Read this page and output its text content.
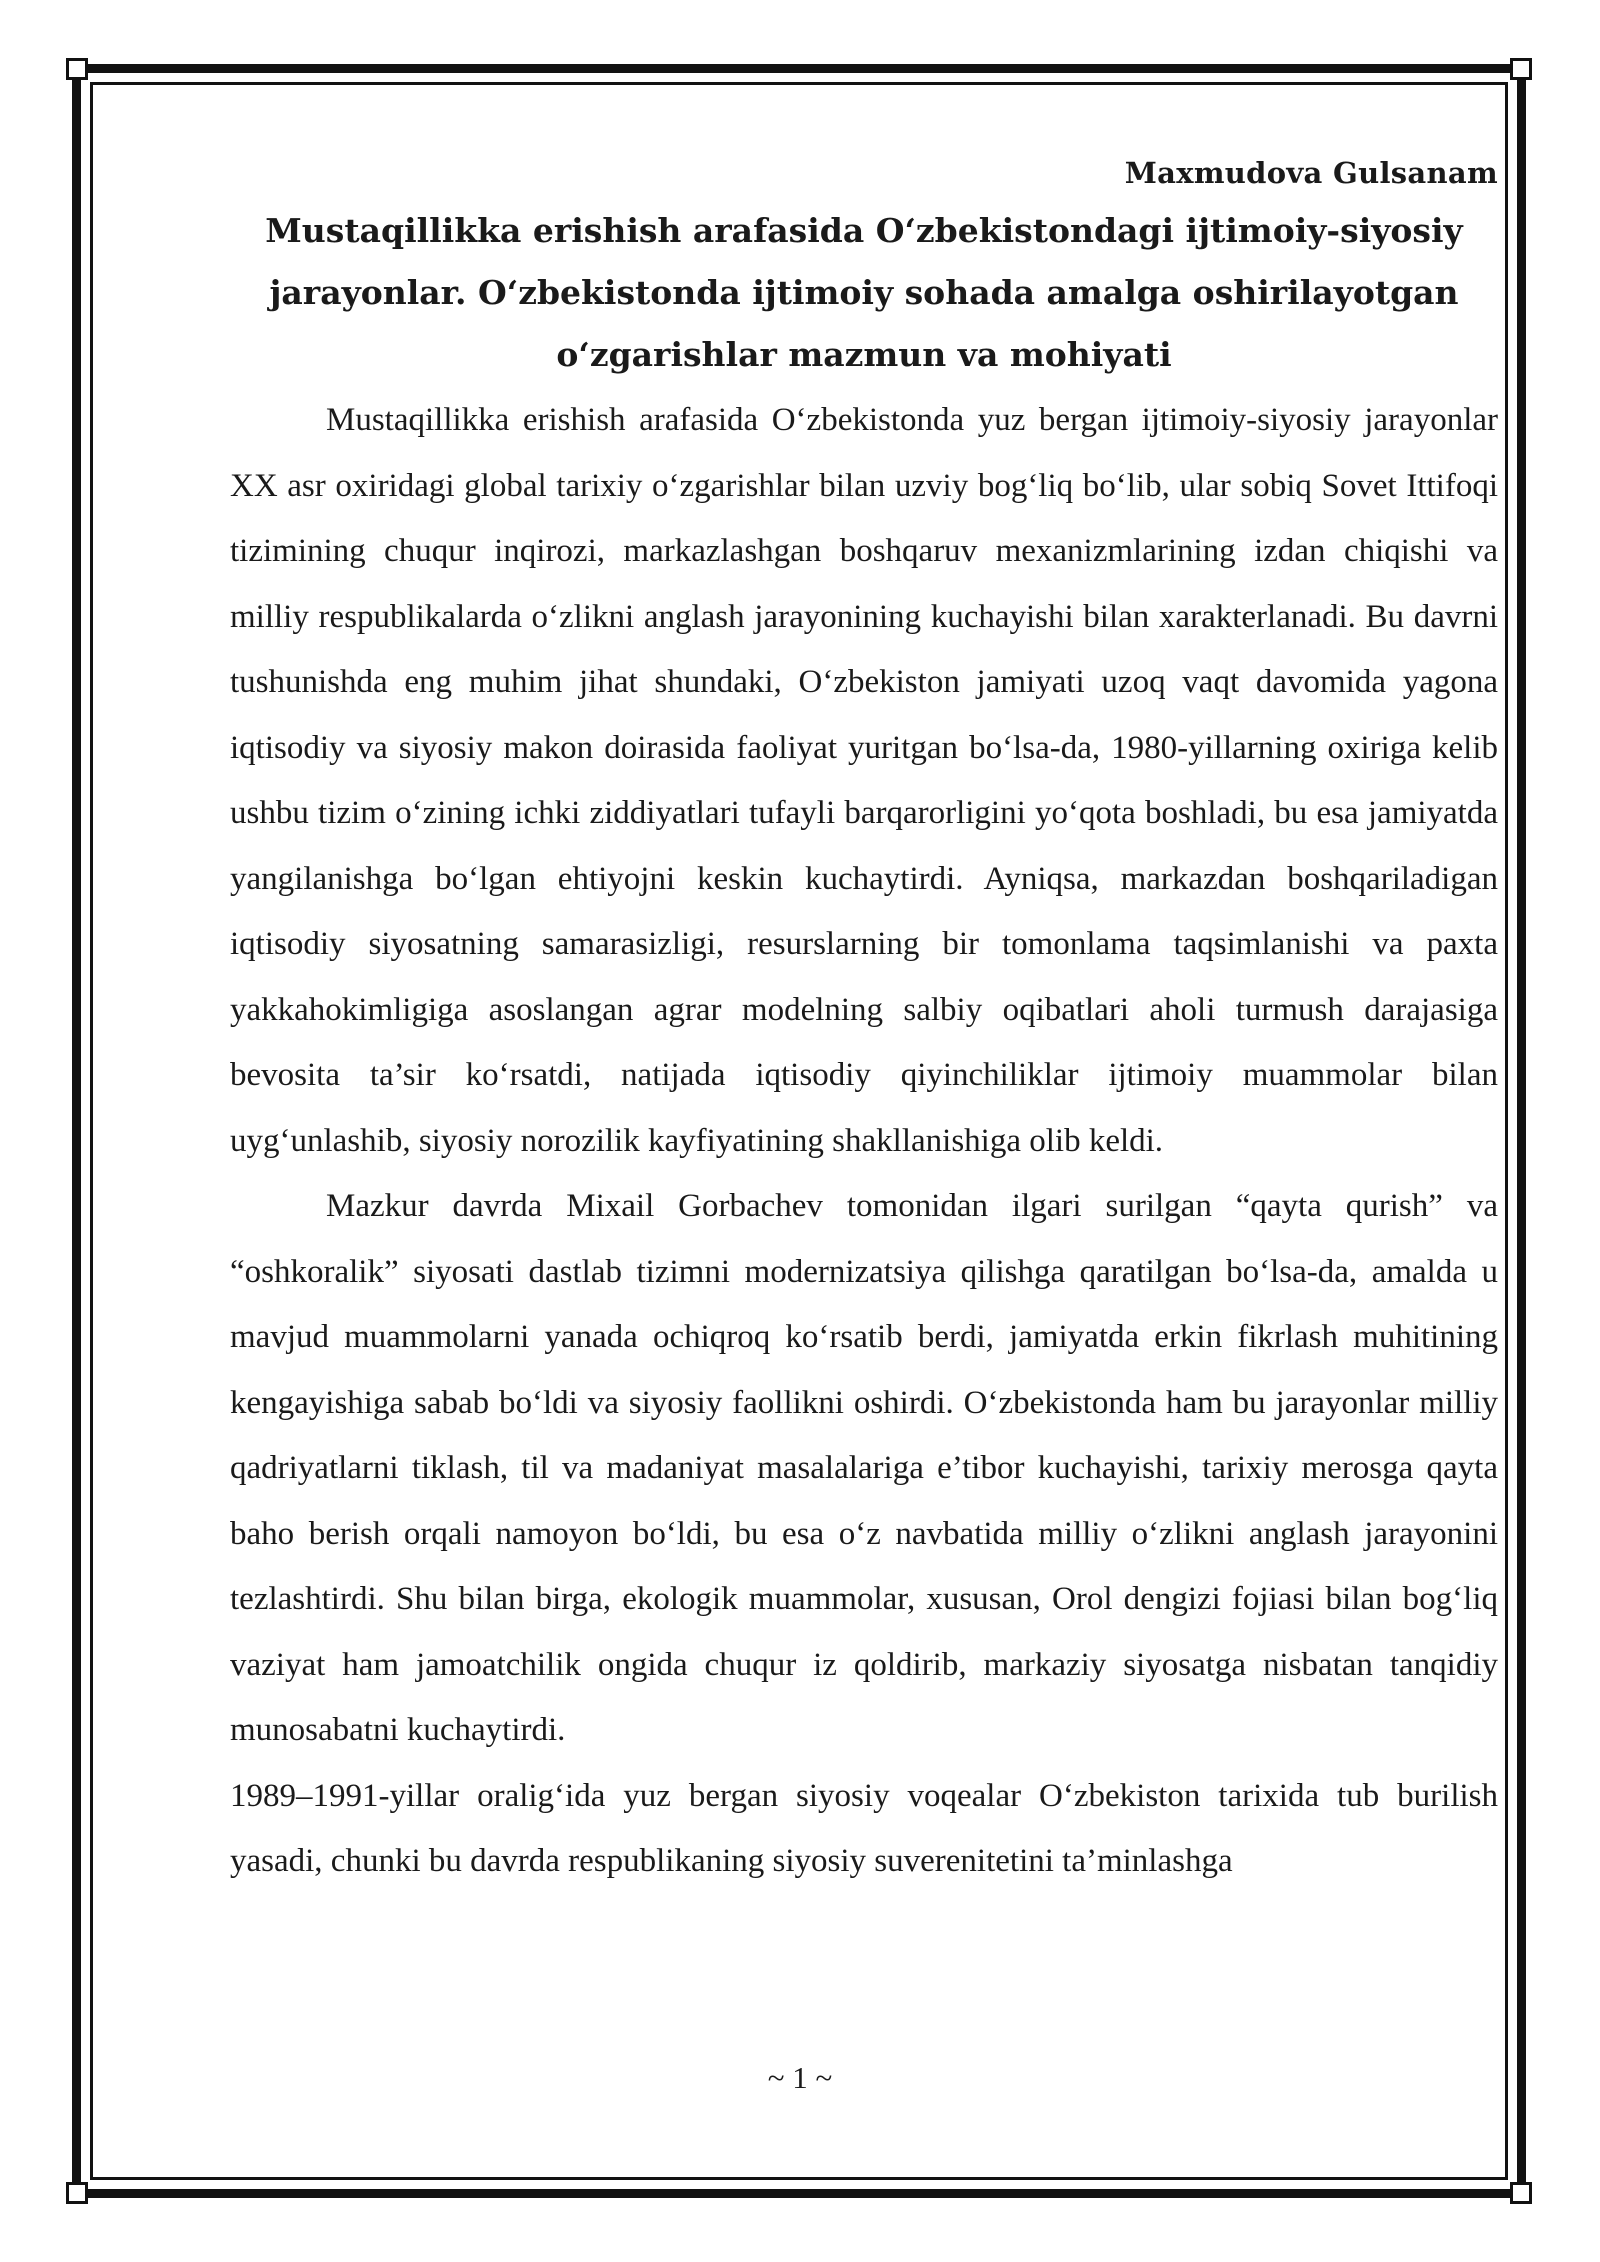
Maxmudova Gulsanam

Mustaqillikka erishish arafasida O‘zbekistondagi ijtimoiy-siyosiy jarayonlar. O‘zbekistonda ijtimoiy sohada amalga oshirilayotgan o‘zgarishlar mazmun va mohiyati

Mustaqillikka erishish arafasida O‘zbekistonda yuz bergan ijtimoiy-siyosiy jarayonlar XX asr oxiridagi global tarixiy o‘zgarishlar bilan uzviy bog‘liq bo‘lib, ular sobiq Sovet Ittifoqi tizimining chuqur inqirozi, markazlashgan boshqaruv mexanizmlarining izdan chiqishi va milliy respublikalarda o‘zlikni anglash jarayonining kuchayishi bilan xarakterlanadi. Bu davrni tushunishda eng muhim jihat shundaki, O‘zbekiston jamiyati uzoq vaqt davomida yagona iqtisodiy va siyosiy makon doirasida faoliyat yuritgan bo‘lsa-da, 1980-yillarning oxiriga kelib ushbu tizim o‘zining ichki ziddiyatlari tufayli barqarorligini yo‘qota boshladi, bu esa jamiyatda yangilanishga bo‘lgan ehtiyojni keskin kuchaytirdi. Ayniqsa, markazdan boshqariladigan iqtisodiy siyosatning samarasizligi, resurslarning bir tomonlama taqsimlanishi va paxta yakkahokimligiga asoslangan agrar modelning salbiy oqibatlari aholi turmush darajasiga bevosita ta’sir ko‘rsatdi, natijada iqtisodiy qiyinchiliklar ijtimoiy muammolar bilan uyg‘unlashib, siyosiy norozilik kayfiyatining shakllanishiga olib keldi.

Mazkur davrda Mixail Gorbachev tomonidan ilgari surilgan “qayta qurish” va “oshkoralik” siyosati dastlab tizimni modernizatsiya qilishga qaratilgan bo‘lsa-da, amalda u mavjud muammolarni yanada ochiqroq ko‘rsatib berdi, jamiyatda erkin fikrlash muhitining kengayishiga sabab bo‘ldi va siyosiy faollikni oshirdi. O‘zbekistonda ham bu jarayonlar milliy qadriyatlarni tiklash, til va madaniyat masalalariga e’tibor kuchayishi, tarixiy merosga qayta baho berish orqali namoyon bo‘ldi, bu esa o‘z navbatida milliy o‘zlikni anglash jarayonini tezlashtirdi. Shu bilan birga, ekologik muammolar, xususan, Orol dengizi fojiasi bilan bog‘liq vaziyat ham jamoatchilik ongida chuqur iz qoldirib, markaziy siyosatga nisbatan tanqidiy munosabatni kuchaytirdi.

1989–1991-yillar oralig‘ida yuz bergan siyosiy voqealar O‘zbekiston tarixida tub burilish yasadi, chunki bu davrda respublikaning siyosiy suverenitetini ta’minlashga

~ 1 ~
